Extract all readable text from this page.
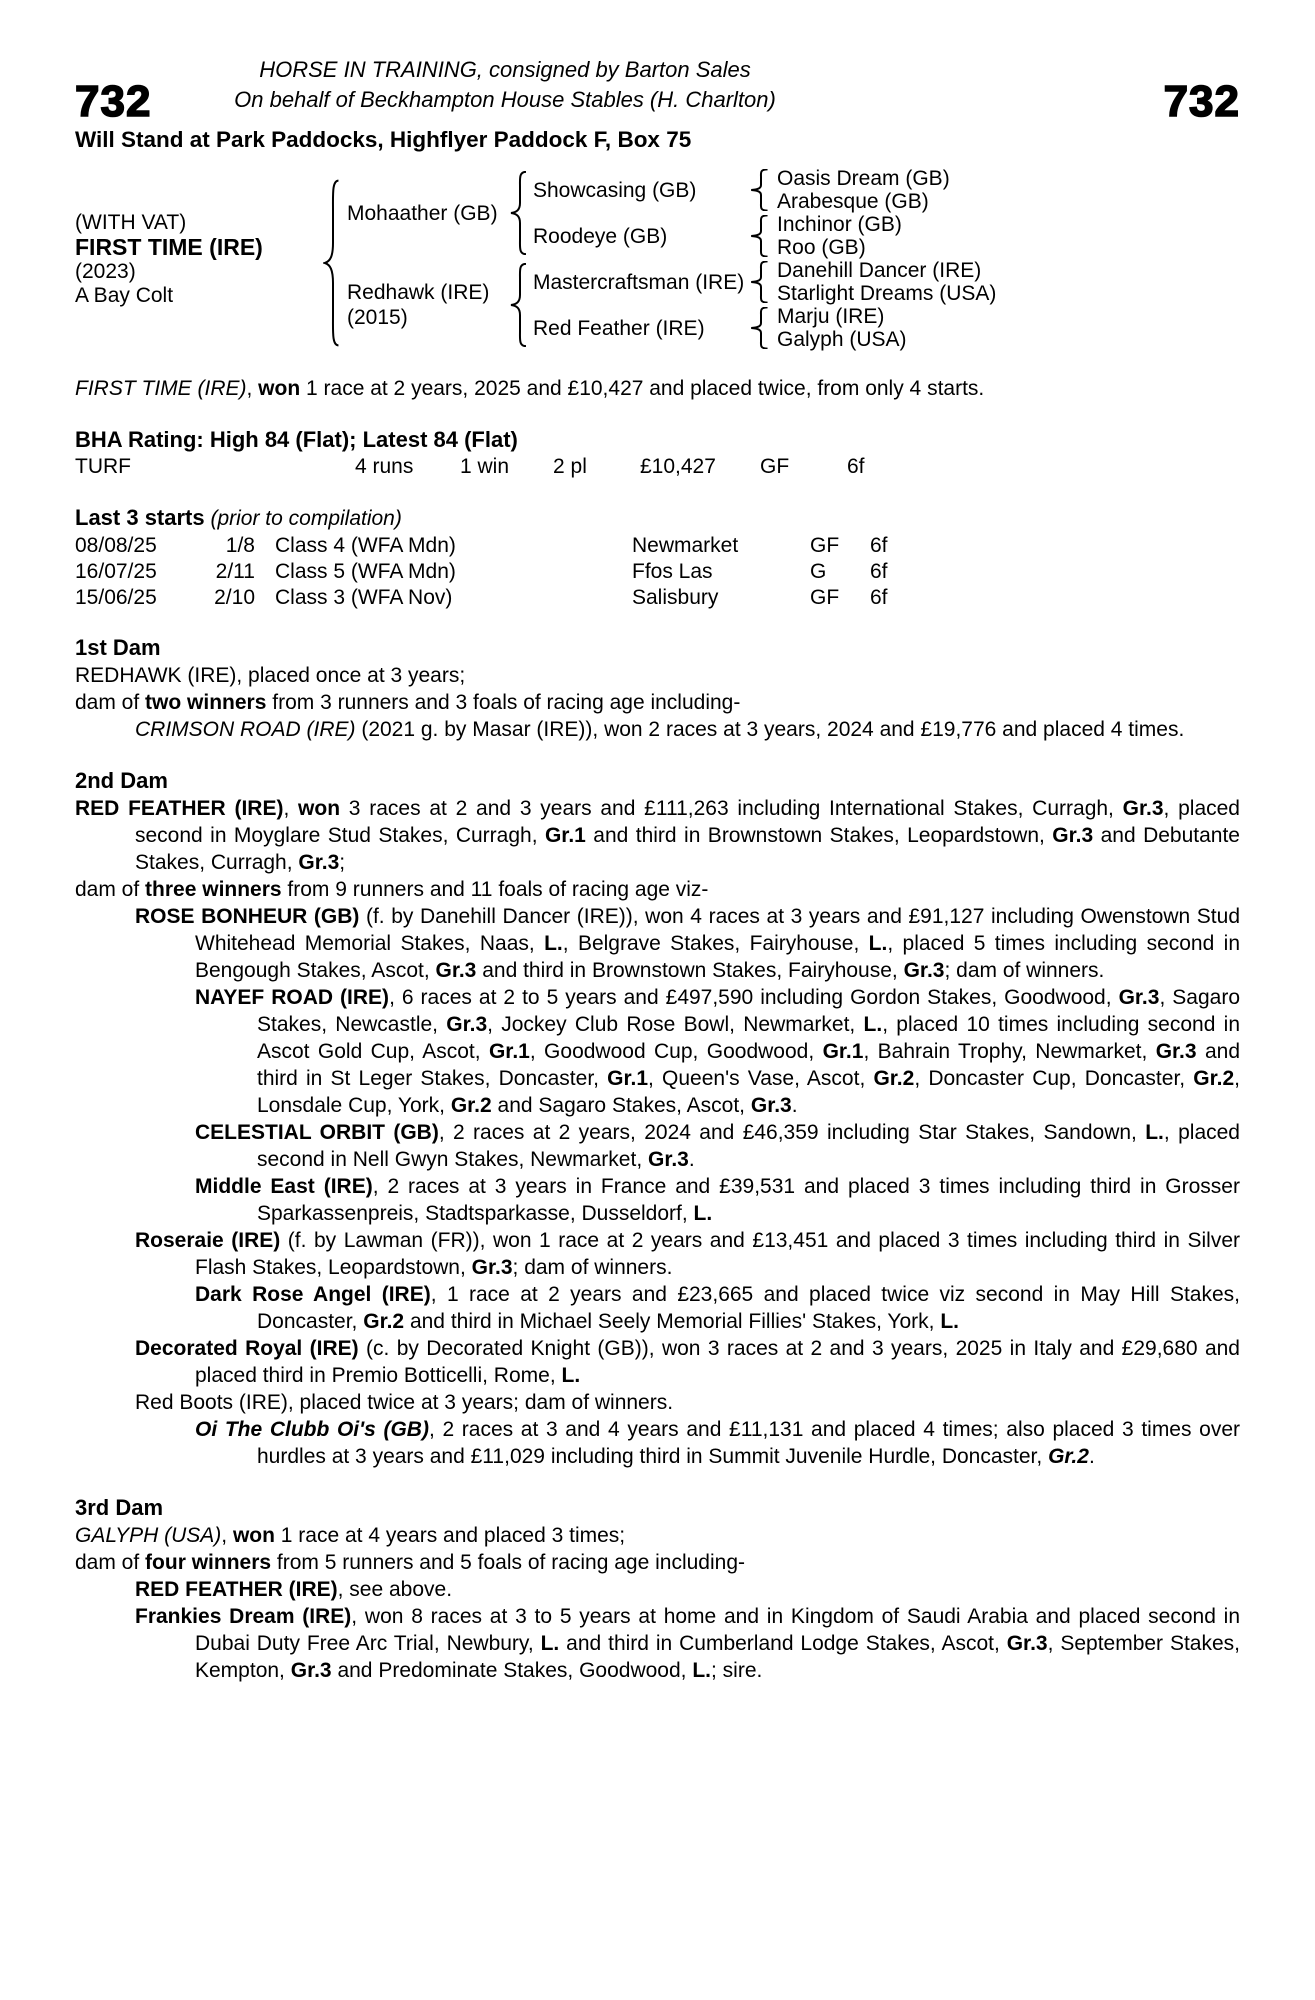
HORSE IN TRAINING, consigned by Barton Sales
On behalf of Beckhampton House Stables (H. Charlton)
732	732
Will Stand at Park Paddocks, Highflyer Paddock F, Box 75
(WITH VAT)
FIRST TIME (IRE)
(2023)
A Bay Colt
Mohaather (GB)
Redhawk (IRE)
(2015)
Showcasing (GB)
Roodeye (GB)
Mastercraftsman (IRE)
Red Feather (IRE)
Oasis Dream (GB)
Arabesque (GB)
Inchinor (GB)
Roo (GB)
Danehill Dancer (IRE)
Starlight Dreams (USA)
Marju (IRE)
Galyph (USA)

FIRST TIME (IRE), won 1 race at 2 years, 2025 and £10,427 and placed twice, from only 4 starts.

BHA Rating: High 84 (Flat); Latest 84 (Flat)
TURF	4 runs 1 win 2 pl	£10,427 GF	6f
Last 3 starts (prior to compilation)
08/08/25	1/8 Class 4 (WFA Mdn)	Newmarket	GF 6f
16/07/25	2/11 Class 5 (WFA Mdn)	Ffos Las	G 6f
15/06/25	2/10 Class 3 (WFA Nov)	Salisbury	GF 6f
1st Dam

REDHAWK (IRE), placed once at 3 years;

dam of two winners from 3 runners and 3 foals of racing age including-

CRIMSON ROAD (IRE) (2021 g. by Masar (IRE)), won 2 races at 3 years, 2024 and £19,776 and placed 4 times.

2nd Dam

RED FEATHER (IRE), won 3 races at 2 and 3 years and £111,263 including International Stakes, Curragh, Gr.3, placed second in Moyglare Stud Stakes, Curragh, Gr.1 and third in Brownstown Stakes, Leopardstown, Gr.3 and Debutante Stakes, Curragh, Gr.3;

dam of three winners from 9 runners and 11 foals of racing age viz-

ROSE BONHEUR (GB) (f. by Danehill Dancer (IRE)), won 4 races at 3 years and £91,127 including Owenstown Stud Whitehead Memorial Stakes, Naas, L., Belgrave Stakes, Fairyhouse, L., placed 5 times including second in Bengough Stakes, Ascot, Gr.3 and third in Brownstown Stakes, Fairyhouse, Gr.3; dam of winners.

NAYEF ROAD (IRE), 6 races at 2 to 5 years and £497,590 including Gordon Stakes, Goodwood, Gr.3, Sagaro Stakes, Newcastle, Gr.3, Jockey Club Rose Bowl, Newmarket, L., placed 10 times including second in Ascot Gold Cup, Ascot, Gr.1, Goodwood Cup, Goodwood, Gr.1, Bahrain Trophy, Newmarket, Gr.3 and third in St Leger Stakes, Doncaster, Gr.1, Queen's Vase, Ascot, Gr.2, Doncaster Cup, Doncaster, Gr.2, Lonsdale Cup, York, Gr.2 and Sagaro Stakes, Ascot, Gr.3.

CELESTIAL ORBIT (GB), 2 races at 2 years, 2024 and £46,359 including Star Stakes, Sandown, L., placed second in Nell Gwyn Stakes, Newmarket, Gr.3.

Middle East (IRE), 2 races at 3 years in France and £39,531 and placed 3 times including third in Grosser Sparkassenpreis, Stadtsparkasse, Dusseldorf, L.

Roseraie (IRE) (f. by Lawman (FR)), won 1 race at 2 years and £13,451 and placed 3 times including third in Silver Flash Stakes, Leopardstown, Gr.3; dam of winners.

Dark Rose Angel (IRE), 1 race at 2 years and £23,665 and placed twice viz second in May Hill Stakes, Doncaster, Gr.2 and third in Michael Seely Memorial Fillies' Stakes, York, L.

Decorated Royal (IRE) (c. by Decorated Knight (GB)), won 3 races at 2 and 3 years, 2025 in Italy and £29,680 and placed third in Premio Botticelli, Rome, L.

Red Boots (IRE), placed twice at 3 years; dam of winners.

Oi The Clubb Oi's (GB), 2 races at 3 and 4 years and £11,131 and placed 4 times; also placed 3 times over hurdles at 3 years and £11,029 including third in Summit Juvenile Hurdle, Doncaster, Gr.2.

3rd Dam

GALYPH (USA), won 1 race at 4 years and placed 3 times;

dam of four winners from 5 runners and 5 foals of racing age including-

RED FEATHER (IRE), see above.

Frankies Dream (IRE), won 8 races at 3 to 5 years at home and in Kingdom of Saudi Arabia and placed second in Dubai Duty Free Arc Trial, Newbury, L. and third in Cumberland Lodge Stakes, Ascot, Gr.3, September Stakes, Kempton, Gr.3 and Predominate Stakes, Goodwood, L.; sire.
